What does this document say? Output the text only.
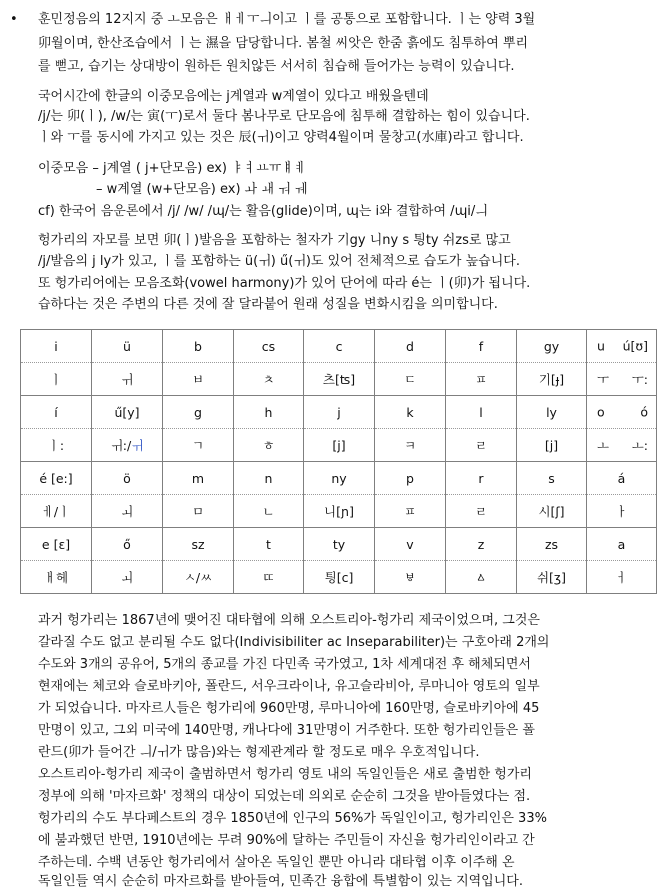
• 훈민정음의 12지지 중 ㅗ모음은 ㅐㅔㅜㅢ이고 ㅣ를 공통으로 포함합니다. ㅣ는 양력 3월
卯월이며, 한산조습에서 ㅣ는 濕을 담당합니다. 봄철 씨앗은 한줌 흙에도 침투하여 뿌리
를 뻗고, 습기는 상대방이 원하든 원치않든 서서히 침습해 들어가는 능력이 있습니다.
국어시간에 한글의 이중모음에는 j계열과 w계열이 있다고 배웠을텐데
/j/는 卯(ㅣ), /w/는 寅(ㅜ)로서 둘다 봄나무로 단모음에 침투해 결합하는 힘이 있습니다.
ㅣ와 ㅜ를 동시에 가지고 있는 것은 辰(ㅟ)이고 양력4월이며 물창고(水庫)라고 합니다.
이중모음 – j계열 ( j+단모음) ex) ㅑㅕㅛㅠㅒㅖ
– w계열 (w+단모음) ex) ㅘ ㅙ ㅝ ㅞ
cf) 한국어 음운론에서 /j/ /w/ /ɰ/는 활음(glide)이며, ɰ는 i와 결합하여 /ɰi/ㅢ
헝가리의 자모를 보면 卯(ㅣ)발음을 포함하는 철자가 기gy 니ny s 틩ty 쉬zs로 많고
/j/발음의 j ly가 있고, ㅣ를 포함하는 ü(ㅟ) ű(ㅟ)도 있어 전체적으로 습도가 높습니다.
또 헝가리어에는 모음조화(vowel harmony)가 있어 단어에 따라 é는 ㅣ(卯)가 됩니다.
습하다는 것은 주변의 다른 것에 잘 달라붙어 원래 성질을 변화시킴을 의미합니다.
i	ü	b	cs	c	d	f	gy	u ú[ʊ]

ㅣ	ㅟ	ㅂ	ㅊ	츠[ʦ]	ㄷ	ㅍ	기[ɟ]	ㅜ ㅜ:

í	ű[y]	g	h	j	k	l	ly	o ó

ㅣ:	ㅟ:/ㅟ	ㄱ	ㅎ	[j]	ㅋ	ㄹ	[j]	ㅗ ㅗ:

é [e:]	ö	m	n	ny	p	r	s	á
ㅔ/ㅣ	ㅚ	ㅁ	ㄴ	니[ɲ]	ㅍ	ㄹ	시[ʃ]	ㅏ
e [ɛ]	ő	sz	t	ty	v	z	zs	a
ㅐ헤	ㅚ	ㅅ/ㅆ	ㄸ	틩[c]	ㅸ	ㅿ	쉬[ʒ]	ㅓ
과거 헝가리는 1867년에 맺어진 대타협에 의해 오스트리아-헝가리 제국이었으며, 그것은
갈라질 수도 없고 분리될 수도 없다(Indivisibiliter ac Inseparabiliter)는 구호아래 2개의
수도와 3개의 공유어, 5개의 종교를 가진 다민족 국가였고, 1차 세계대전 후 해체되면서
현재에는 체코와 슬로바키아, 폴란드, 서우크라이나, 유고슬라비아, 루마니아 영토의 일부
가 되었습니다. 마자르人들은 헝가리에 960만명, 루마니아에 160만명, 슬로바키아에 45
만명이 있고, 그외 미국에 140만명, 캐나다에 31만명이 거주한다. 또한 헝가리인들은 폴
란드(卯가 들어간 ㅢ/ㅟ가 많음)와는 형제관계라 할 정도로 매우 우호적입니다.
오스트리아-헝가리 제국이 출범하면서 헝가리 영토 내의 독일인들은 새로 출범한 헝가리
정부에 의해 '마자르화' 정책의 대상이 되었는데 의외로 순순히 그것을 받아들였다는 점.
헝가리의 수도 부다페스트의 경우 1850년에 인구의 56%가 독일인이고, 헝가리인은 33%
에 불과했던 반면, 1910년에는 무려 90%에 달하는 주민들이 자신을 헝가리인이라고 간
주하는데. 수백 년동안 헝가리에서 살아온 독일인 뿐만 아니라 대타협 이후 이주해 온
독일인들 역시 순순히 마자르화를 받아들여, 민족간 융합에 특별함이 있는 지역입니다.
